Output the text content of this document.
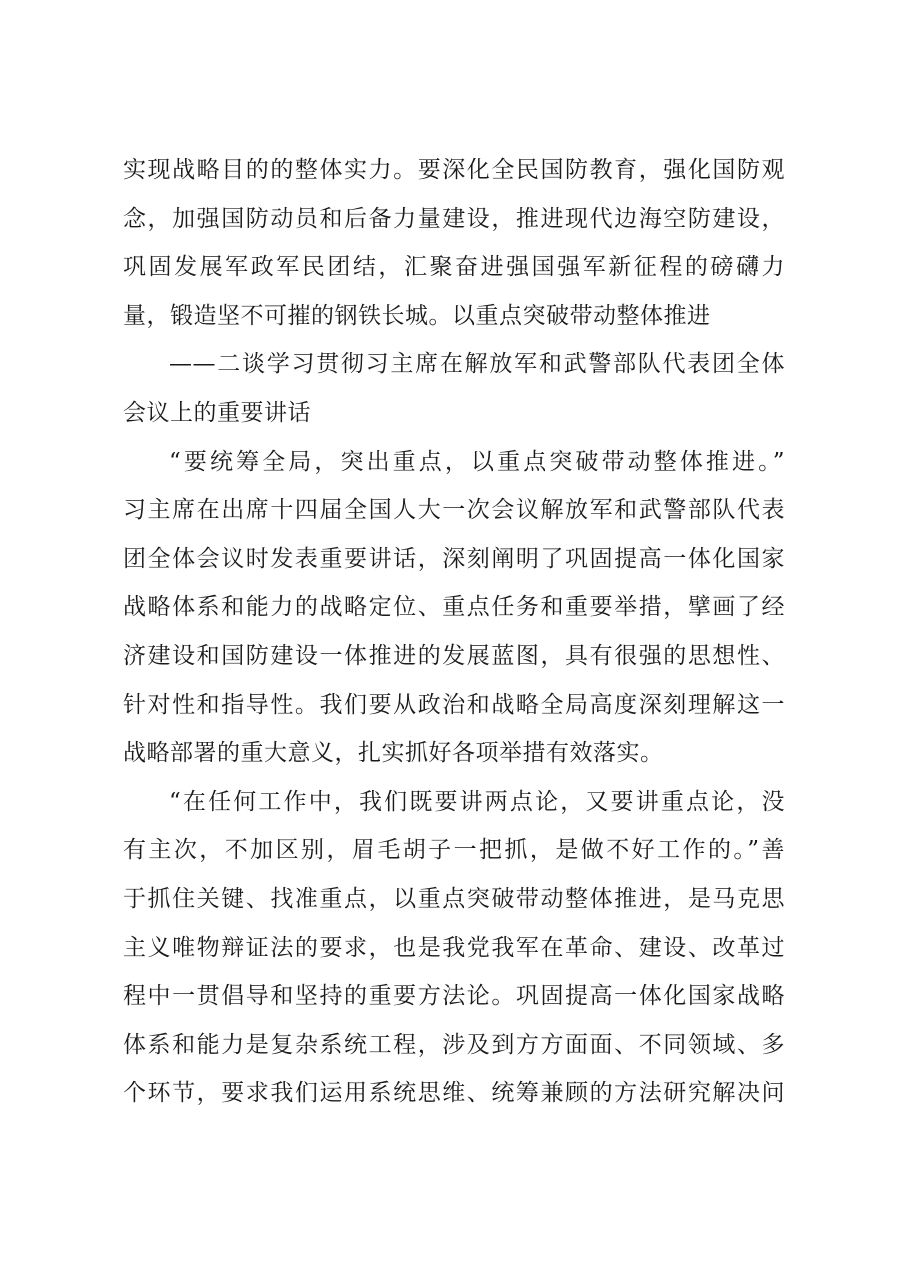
实现战略目的的整体实力。要深化全民国防教育，强化国防观
念，加强国防动员和后备力量建设，推进现代边海空防建设，
巩固发展军政军民团结，汇聚奋进强国强军新征程的磅礴力
量，锻造坚不可摧的钢铁长城。以重点突破带动整体推进
——二谈学习贯彻习主席在解放军和武警部队代表团全体
会议上的重要讲话
“要统筹全局，突出重点，以重点突破带动整体推进。”
习主席在出席十四届全国人大一次会议解放军和武警部队代表
团全体会议时发表重要讲话，深刻阐明了巩固提高一体化国家
战略体系和能力的战略定位、重点任务和重要举措，擘画了经
济建设和国防建设一体推进的发展蓝图，具有很强的思想性、
针对性和指导性。我们要从政治和战略全局高度深刻理解这一
战略部署的重大意义，扎实抓好各项举措有效落实。
“在任何工作中，我们既要讲两点论，又要讲重点论，没
有主次，不加区别，眉毛胡子一把抓，是做不好工作的。”善
于抓住关键、找准重点，以重点突破带动整体推进，是马克思
主义唯物辩证法的要求，也是我党我军在革命、建设、改革过
程中一贯倡导和坚持的重要方法论。巩固提高一体化国家战略
体系和能力是复杂系统工程，涉及到方方面面、不同领域、多
个环节，要求我们运用系统思维、统筹兼顾的方法研究解决问
